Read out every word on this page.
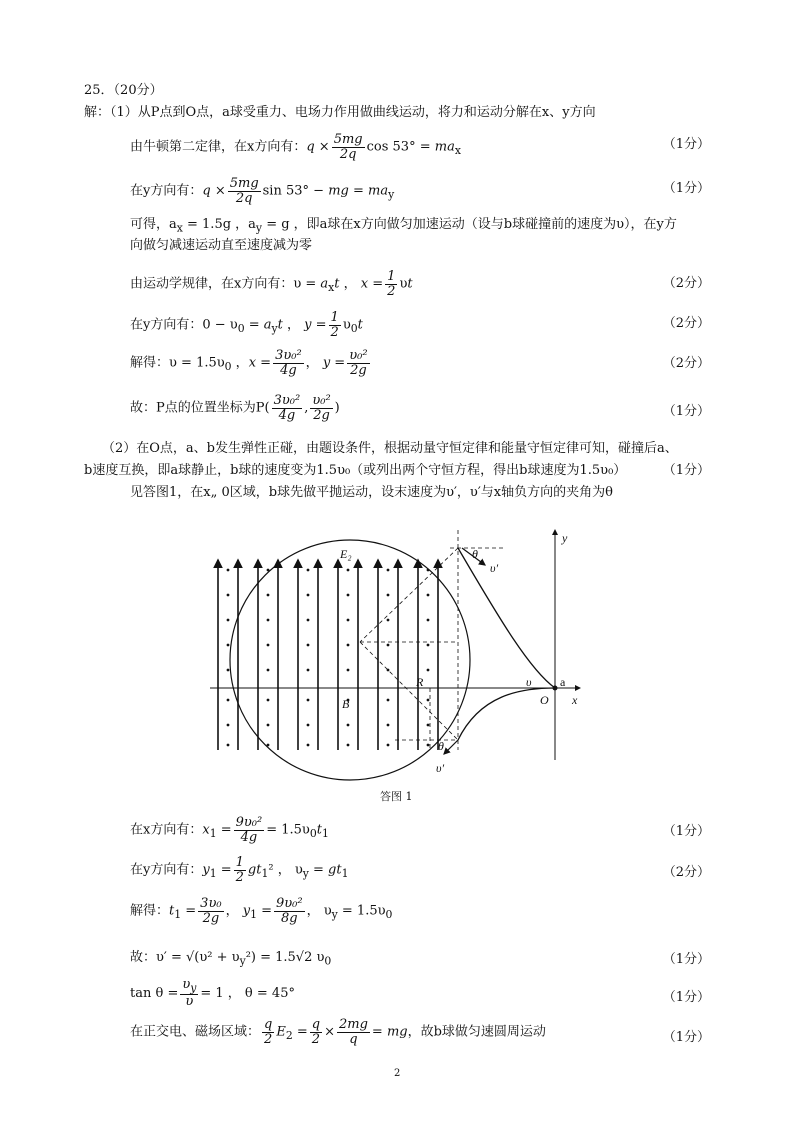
25．（20分）
解：（1）从P点到O点，a球受重力、电场力作用做曲线运动，将力和运动分解在x、y方向
由牛顿第二定律，在x方向有：$q \times \frac{5mg}{2q}$ $\cos 53^\circ = ma_x$	（1分）
在y方向有：$q \times \frac{5mg}{2q}$ sin 53° − mg = $ma_y$	（1分）
可得，$a_x = 1.5g$ ，$a_y = g$ ，即a球在x方向做匀加速运动（设与b球碰撞前的速度为υ），在y方
向做匀减速运动直至速度减为零
由运动学规律，在x方向有：$\upsilon = a_xt$ ， $x = \frac{1}{2}$ υt	（2分）
在y方向有：$0 - \upsilon_0 = a_yt$ ， $y = \frac{1}{2} \upsilon_0t$	（2分）
解得：$\upsilon = 1.5\upsilon_0$ ，$x = \frac{\text{3υ₀²}}{4g}$ ， $y = \frac{\text{υ₀²}}{2g}$	（2分）
故：P点的位置坐标为$P( \frac{\text{3υ₀²}}{4g}$ , $\frac{\text{υ₀²}}{2g}$ )	（1分）
（2）在O点，a、b发生弹性正碰，由题设条件，根据动量守恒定律和能量守恒定律可知，碰撞后a、
b速度互换，即a球静止，b球的速度变为1.5υ₀（或列出两个守恒方程，得出b球速度为1.5υ₀）	（1分）
见答图1，在x„ 0区域，b球先做平抛运动，设末速度为υ′，υ′与x轴负方向的夹角为θ
E₂
B
R
O
a
x
y
υ
υ′
υ′
θ
θ
答图 1
在x方向有：$x_1 = \frac{\text{9υ₀²}}{4g} = 1.5\upsilon_0t_1$	（1分）
在y方向有：$y_1 = \frac{1}{2} gt_1^2$ ， $\upsilon_y = gt_1$	（2分）
解得：$t_1 = \frac{\text{3υ₀}}{2g}$ ， $y_1 = \frac{\text{9υ₀²}}{8g}$ ， $\upsilon_y = 1.5\upsilon_0$
故：$\upsilon' = √(\upsilon^2 + \upsilon_y^2) = 1.5√2$ $\upsilon_0$	（1分）
$\tan \theta = \frac{\upsilon_y}{\upsilon} = 1$ ， θ = 45°	（1分）
在正交电、磁场区域： $\frac{q}{2} E_2 = \frac{q}{2} \times \frac{2mg}{q}$ = mg，故b球做匀速圆周运动	（1分）
2
